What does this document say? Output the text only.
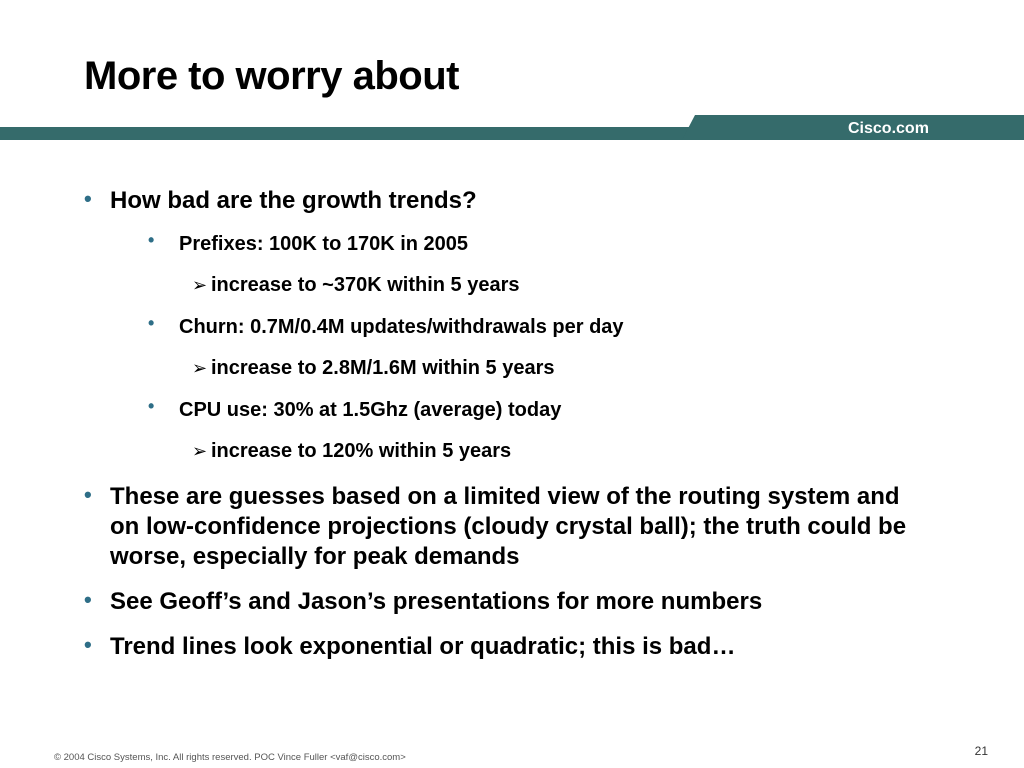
More to worry about
Cisco.com
• How bad are the growth trends?
• Prefixes: 100K to 170K in 2005
➢ increase to ~370K within 5 years
• Churn: 0.7M/0.4M updates/withdrawals per day
➢ increase to 2.8M/1.6M within 5 years
• CPU use: 30% at 1.5Ghz (average) today
➢ increase to 120% within 5 years
• These are guesses based on a limited view of the routing system and on low-confidence projections (cloudy crystal ball); the truth could be worse, especially for peak demands
• See Geoff’s and Jason’s presentations for more numbers
• Trend lines look exponential or quadratic; this is bad…
© 2004 Cisco Systems, Inc. All rights reserved. POC Vince Fuller <vaf@cisco.com>	21
